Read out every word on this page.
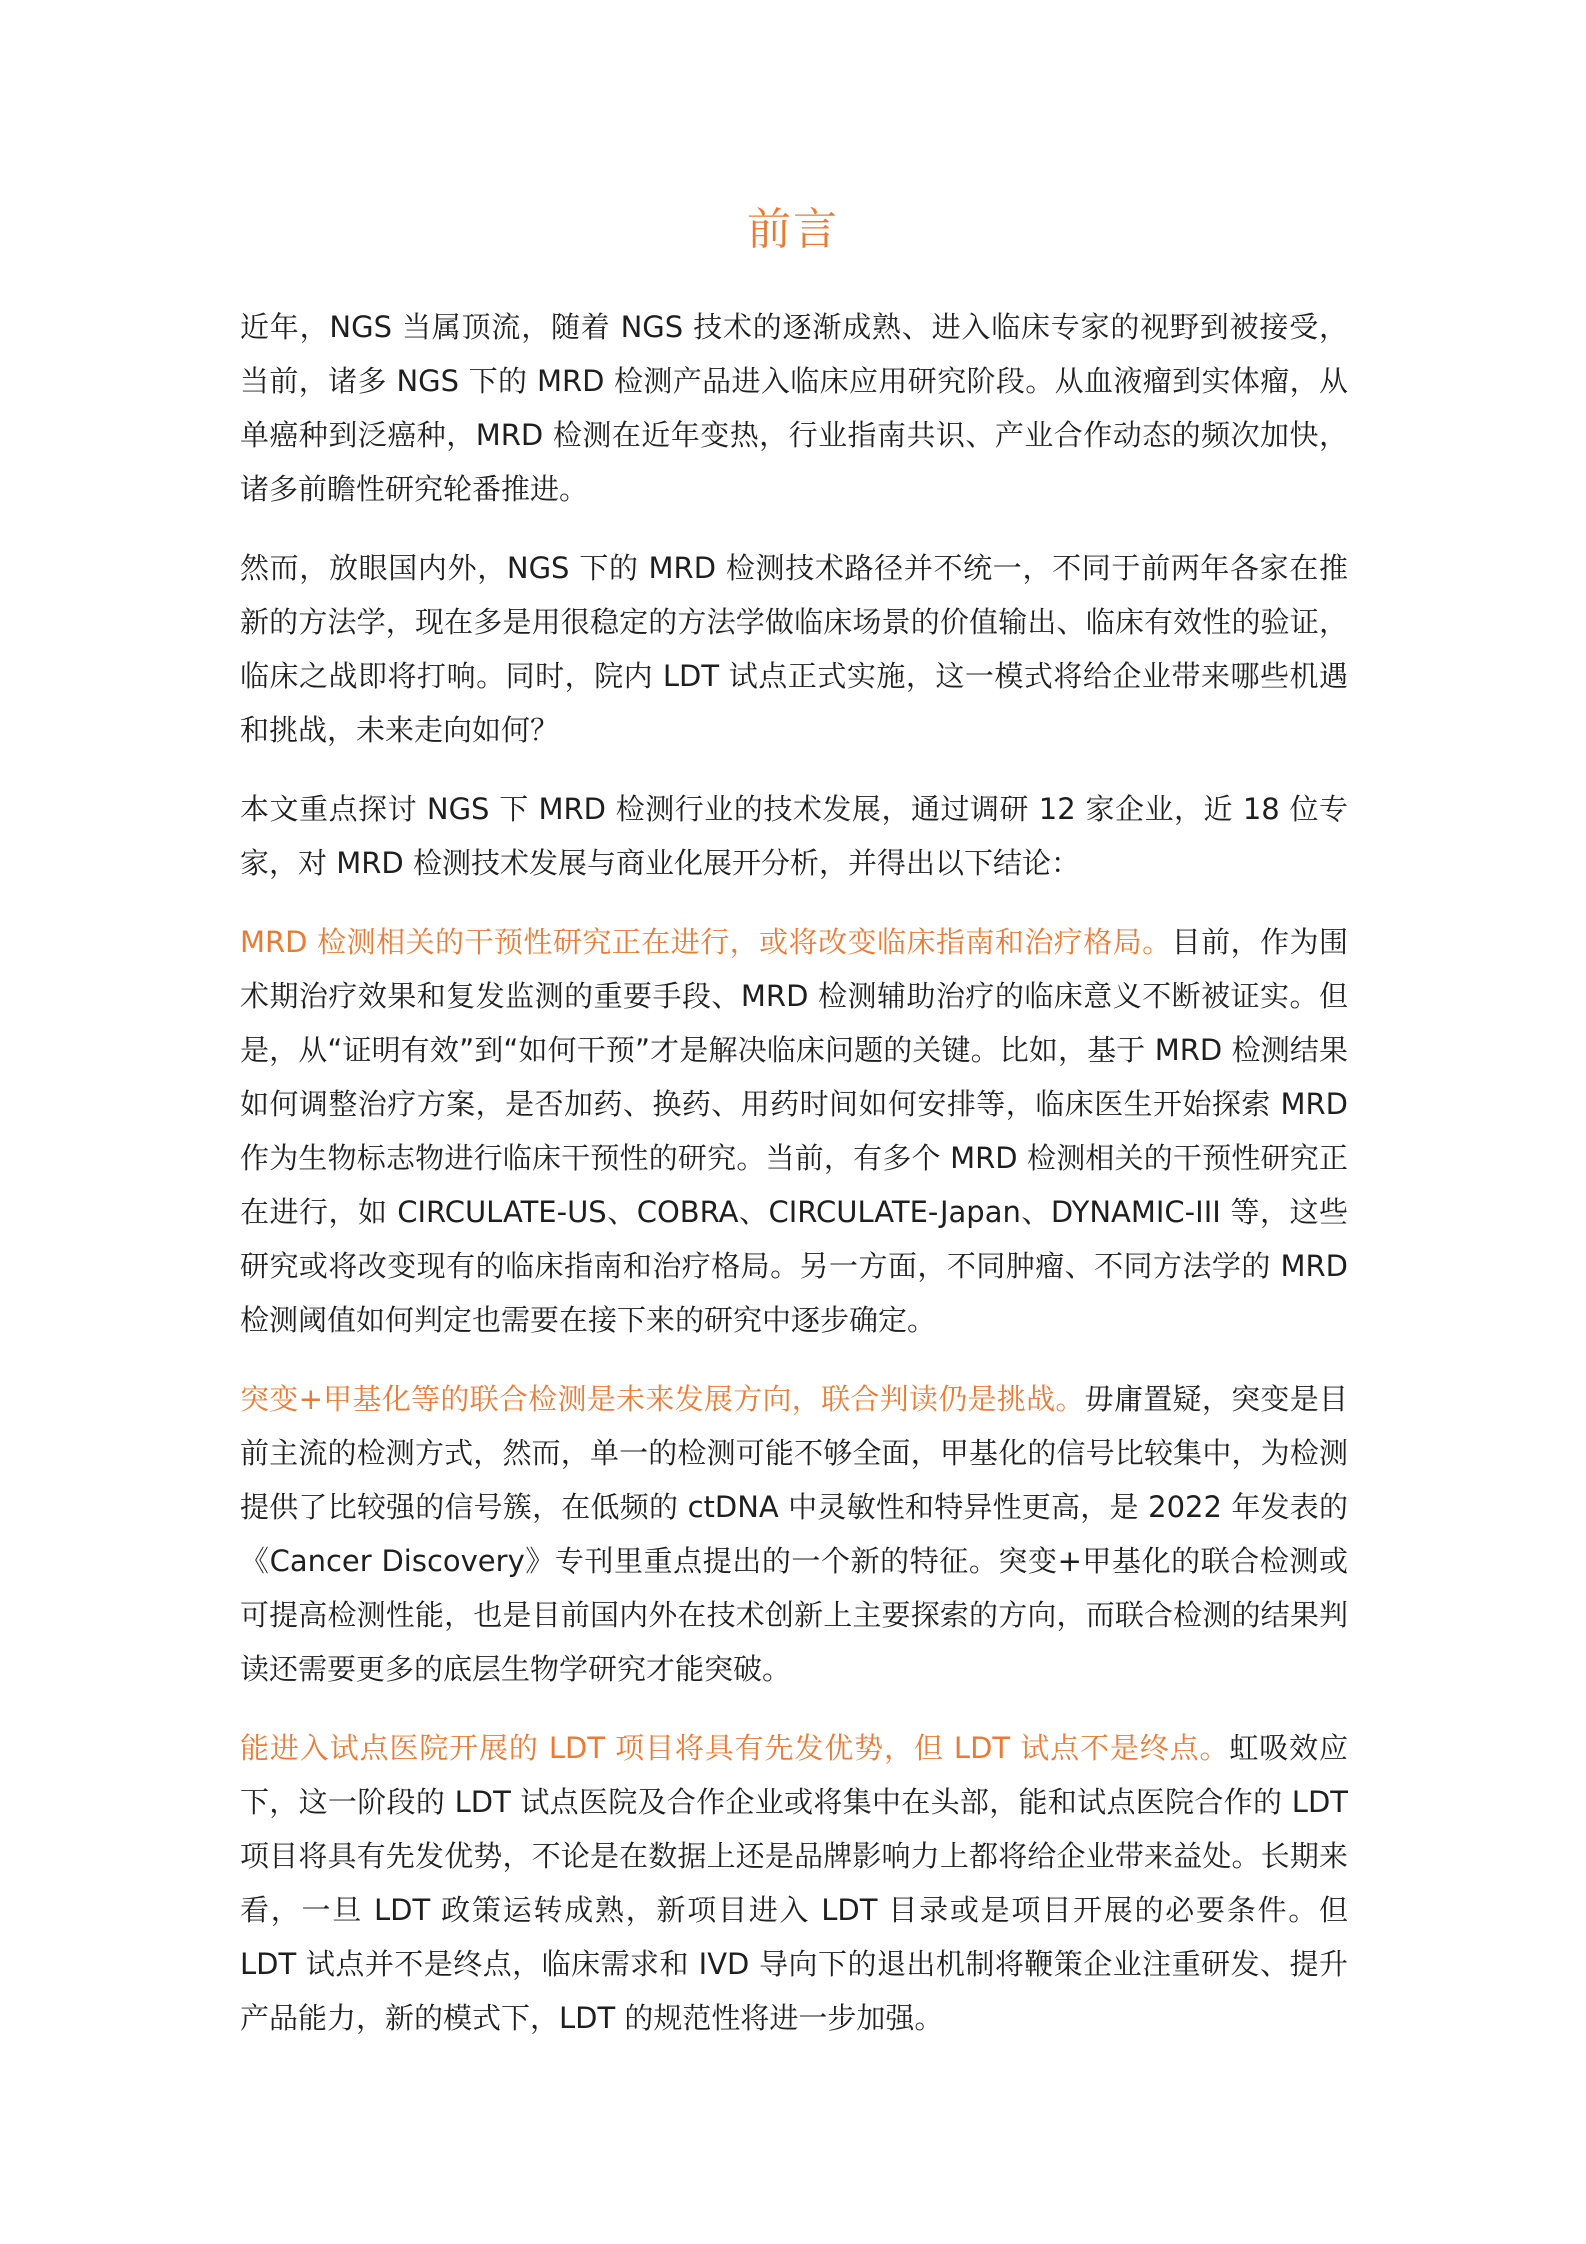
前言

近年，NGS 当属顶流，随着 NGS 技术的逐渐成熟、进入临床专家的视野到被接受，当前，诸多 NGS 下的 MRD 检测产品进入临床应用研究阶段。从血液瘤到实体瘤，从单癌种到泛癌种，MRD 检测在近年变热，行业指南共识、产业合作动态的频次加快，诸多前瞻性研究轮番推进。

然而，放眼国内外，NGS 下的 MRD 检测技术路径并不统一，不同于前两年各家在推新的方法学，现在多是用很稳定的方法学做临床场景的价值输出、临床有效性的验证，临床之战即将打响。同时，院内 LDT 试点正式实施，这一模式将给企业带来哪些机遇和挑战，未来走向如何？

本文重点探讨 NGS 下 MRD 检测行业的技术发展，通过调研 12 家企业，近 18 位专家，对 MRD 检测技术发展与商业化展开分析，并得出以下结论：

MRD 检测相关的干预性研究正在进行，或将改变临床指南和治疗格局。目前，作为围术期治疗效果和复发监测的重要手段、MRD 检测辅助治疗的临床意义不断被证实。但是，从“证明有效”到“如何干预”才是解决临床问题的关键。比如，基于 MRD 检测结果如何调整治疗方案，是否加药、换药、用药时间如何安排等，临床医生开始探索 MRD 作为生物标志物进行临床干预性的研究。当前，有多个 MRD 检测相关的干预性研究正在进行，如 CIRCULATE-US、COBRA、CIRCULATE-Japan、DYNAMIC-III 等，这些研究或将改变现有的临床指南和治疗格局。另一方面，不同肿瘤、不同方法学的 MRD 检测阈值如何判定也需要在接下来的研究中逐步确定。

突变+甲基化等的联合检测是未来发展方向，联合判读仍是挑战。毋庸置疑，突变是目前主流的检测方式，然而，单一的检测可能不够全面，甲基化的信号比较集中，为检测提供了比较强的信号簇，在低频的 ctDNA 中灵敏性和特异性更高，是 2022 年发表的《Cancer Discovery》专刊里重点提出的一个新的特征。突变+甲基化的联合检测或可提高检测性能，也是目前国内外在技术创新上主要探索的方向，而联合检测的结果判读还需要更多的底层生物学研究才能突破。

能进入试点医院开展的 LDT 项目将具有先发优势，但 LDT 试点不是终点。虹吸效应下，这一阶段的 LDT 试点医院及合作企业或将集中在头部，能和试点医院合作的 LDT 项目将具有先发优势，不论是在数据上还是品牌影响力上都将给企业带来益处。长期来看，一旦 LDT 政策运转成熟，新项目进入 LDT 目录或是项目开展的必要条件。但 LDT 试点并不是终点，临床需求和 IVD 导向下的退出机制将鞭策企业注重研发、提升产品能力，新的模式下，LDT 的规范性将进一步加强。
